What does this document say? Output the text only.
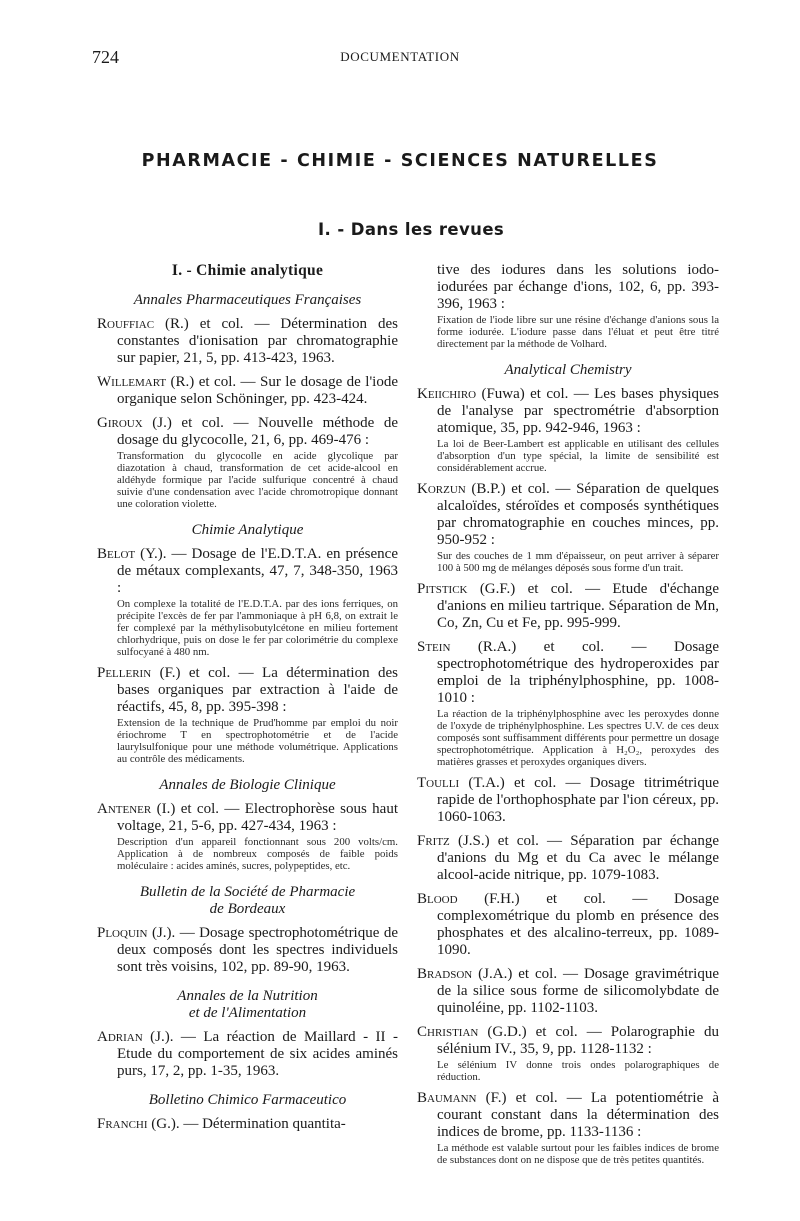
724	DOCUMENTATION
PHARMACIE - CHIMIE - SCIENCES NATURELLES
I. - Dans les revues
I. - Chimie analytique
Annales Pharmaceutiques Françaises
Rouffiac (R.) et col. — Détermination des constantes d'ionisation par chromatographie sur papier, 21, 5, pp. 413-423, 1963.
Willemart (R.) et col. — Sur le dosage de l'iode organique selon Schöninger, pp. 423-424.
Giroux (J.) et col. — Nouvelle méthode de dosage du glycocolle, 21, 6, pp. 469-476 :
Transformation du glycocolle en acide glycolique par diazotation à chaud, transformation de cet acide-alcool en aldéhyde formique par l'acide sulfurique concentré à chaud suivie d'une condensation avec l'acide chromotropique donnant une coloration violette.
Chimie Analytique
Belot (Y.). — Dosage de l'E.D.T.A. en présence de métaux complexants, 47, 7, 348-350, 1963 :
On complexe la totalité de l'E.D.T.A. par des ions ferriques, on précipite l'excès de fer par l'ammoniaque à pH 6,8, on extrait le fer complexé par la méthylisobutylcétone en milieu fortement chlorhydrique, puis on dose le fer par colorimétrie du complexe sulfocyané à 480 nm.
Pellerin (F.) et col. — La détermination des bases organiques par extraction à l'aide de réactifs, 45, 8, pp. 395-398 :
Extension de la technique de Prud'homme par emploi du noir ériochrome T en spectrophotométrie et de l'acide laurylsulfonique pour une méthode volumétrique. Applications au contrôle des médicaments.
Annales de Biologie Clinique
Antener (I.) et col. — Electrophorèse sous haut voltage, 21, 5-6, pp. 427-434, 1963 :
Description d'un appareil fonctionnant sous 200 volts/cm. Application à de nombreux composés de faible poids moléculaire : acides aminés, sucres, polypeptides, etc.
Bulletin de la Société de Pharmacie
de Bordeaux
Ploquin (J.). — Dosage spectrophotométrique de deux composés dont les spectres individuels sont très voisins, 102, pp. 89-90, 1963.
Annales de la Nutrition
et de l'Alimentation
Adrian (J.). — La réaction de Maillard - II - Etude du comportement de six acides aminés purs, 17, 2, pp. 1-35, 1963.
Bolletino Chimico Farmaceutico
Franchi (G.). — Détermination quantita-
tive des iodures dans les solutions iodo-iodurées par échange d'ions, 102, 6, pp. 393-396, 1963 :
Fixation de l'iode libre sur une résine d'échange d'anions sous la forme iodurée. L'iodure passe dans l'éluat et peut être titré directement par la méthode de Volhard.
Analytical Chemistry
Keiichiro (Fuwa) et col. — Les bases physiques de l'analyse par spectrométrie d'absorption atomique, 35, pp. 942-946, 1963 :
La loi de Beer-Lambert est applicable en utilisant des cellules d'absorption d'un type spécial, la limite de sensibilité est considérablement accrue.
Korzun (B.P.) et col. — Séparation de quelques alcaloïdes, stéroïdes et composés synthétiques par chromatographie en couches minces, pp. 950-952 :
Sur des couches de 1 mm d'épaisseur, on peut arriver à séparer 100 à 500 mg de mélanges déposés sous forme d'un trait.
Pitstick (G.F.) et col. — Etude d'échange d'anions en milieu tartrique. Séparation de Mn, Co, Zn, Cu et Fe, pp. 995-999.
Stein (R.A.) et col. — Dosage spectrophotométrique des hydroperoxides par emploi de la triphénylphosphine, pp. 1008-1010 :
La réaction de la triphénylphosphine avec les peroxydes donne de l'oxyde de triphénylphosphine. Les spectres U.V. de ces deux composés sont suffisamment différents pour permettre un dosage spectrophotométrique. Application à H₂O₂, peroxydes des matières grasses et peroxydes organiques divers.
Toulli (T.A.) et col. — Dosage titrimétrique rapide de l'orthophosphate par l'ion céreux, pp. 1060-1063.
Fritz (J.S.) et col. — Séparation par échange d'anions du Mg et du Ca avec le mélange alcool-acide nitrique, pp. 1079-1083.
Blood (F.H.) et col. — Dosage complexométrique du plomb en présence des phosphates et des alcalino-terreux, pp. 1089-1090.
Bradson (J.A.) et col. — Dosage gravimétrique de la silice sous forme de silicomolybdate de quinoléine, pp. 1102-1103.
Christian (G.D.) et col. — Polarographie du sélénium IV., 35, 9, pp. 1128-1132 :
Le sélénium IV donne trois ondes polarographiques de réduction.
Baumann (F.) et col. — La potentiométrie à courant constant dans la détermination des indices de brome, pp. 1133-1136 :
La méthode est valable surtout pour les faibles indices de brome de substances dont on ne dispose que de très petites quantités.
